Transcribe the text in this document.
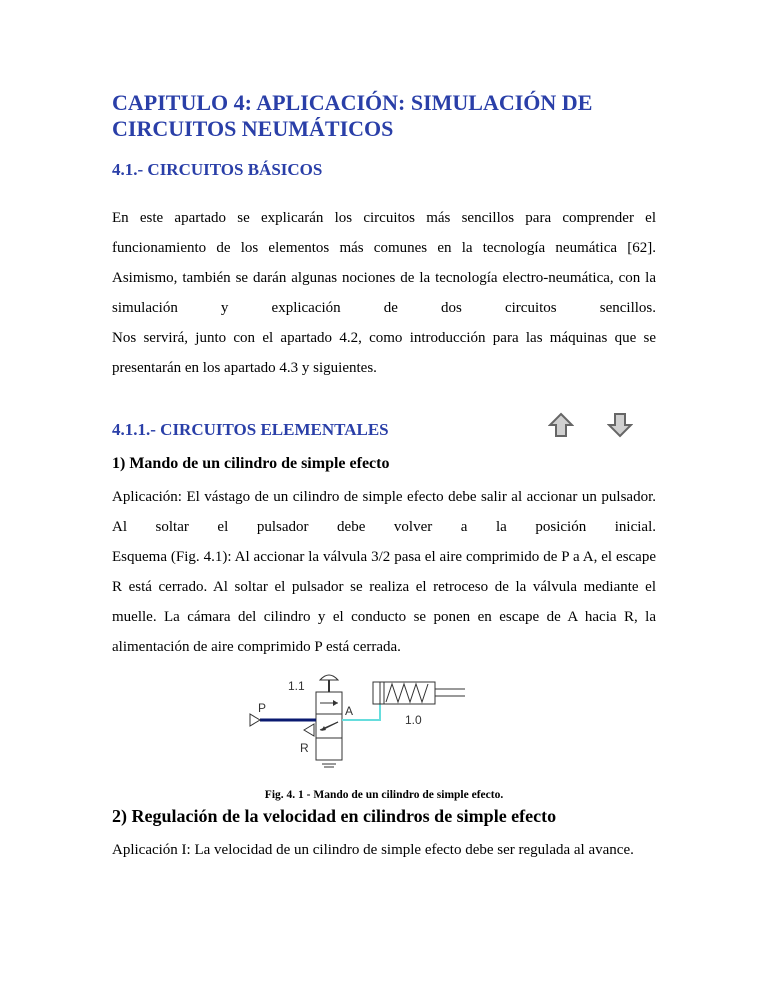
CAPITULO 4: APLICACIÓN: SIMULACIÓN DE CIRCUITOS NEUMÁTICOS
4.1.- CIRCUITOS BÁSICOS
En este apartado se explicarán los circuitos más sencillos para comprender el funcionamiento de los elementos más comunes en la tecnología neumática [62]. Asimismo, también se darán algunas nociones de la tecnología electro-neumática, con la simulación y explicación de dos circuitos sencillos.
Nos servirá, junto con el apartado 4.2, como introducción para las máquinas que se presentarán en los apartado 4.3 y siguientes.
4.1.1.- CIRCUITOS ELEMENTALES
1) Mando de un cilindro de simple efecto
Aplicación: El vástago de un cilindro de simple efecto debe salir al accionar un pulsador. Al soltar el pulsador debe volver a la posición inicial.
Esquema (Fig. 4.1): Al accionar la válvula 3/2 pasa el aire comprimido de P a A, el escape R está cerrado. Al soltar el pulsador se realiza el retroceso de la válvula mediante el muelle. La cámara del cilindro y el conducto se ponen en escape de A hacia R, la alimentación de aire comprimido P está cerrada.
1.1
P
R
A
1.0
Fig. 4. 1 - Mando de un cilindro de simple efecto.
2) Regulación de la velocidad en cilindros de simple efecto
Aplicación I: La velocidad de un cilindro de simple efecto debe ser regulada al avance.
